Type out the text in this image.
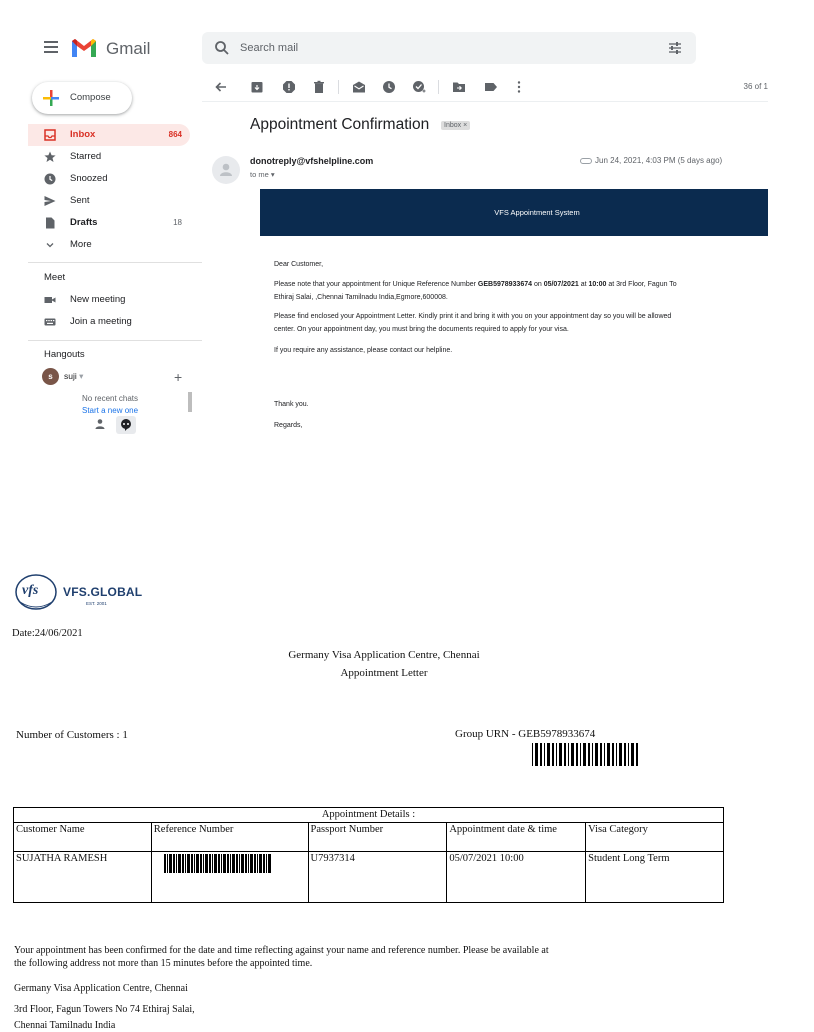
Gmail
Search mail
Compose
Inbox	864
Starred
Snoozed
Sent
Drafts	18
More
Meet
New meeting
Join a meeting
Hangouts
s	suji ▾	+
No recent chats
Start a new one
36 of 1
Appointment Confirmation	Inbox ×
donotreply@vfshelpline.com
to me ▾
Jun 24, 2021, 4:03 PM (5 days ago)
VFS Appointment System
Dear Customer,
Please note that your appointment for Unique Reference Number GEB5978933674 on 05/07/2021 at 10:00 at 3rd Floor, Fagun To
Ethiraj Salai, ,Chennai Tamilnadu India,Egmore,600008.
Please find enclosed your Appointment Letter. Kindly print it and bring it with you on your appointment day so you will be allowed
center. On your appointment day, you must bring the documents required to apply for your visa.
If you require any assistance, please contact our helpline.
Thank you.
Regards,
vfs VFS.GLOBAL
EST. 2001
Date:24/06/2021
Germany Visa Application Centre, Chennai
Appointment Letter
Number of Customers : 1	Group URN - GEB5978933674
Appointment Details :				
Customer Name	Reference Number	Passport Number	Appointment date & time	Visa Category
SUJATHA RAMESH		U7937314	05/07/2021 10:00	Student Long Term
Your appointment has been confirmed for the date and time reflecting against your name and reference number. Please be available at
the following address not more than 15 minutes before the appointed time.
Germany Visa Application Centre, Chennai
3rd Floor, Fagun Towers No 74 Ethiraj Salai,
Chennai Tamilnadu India
